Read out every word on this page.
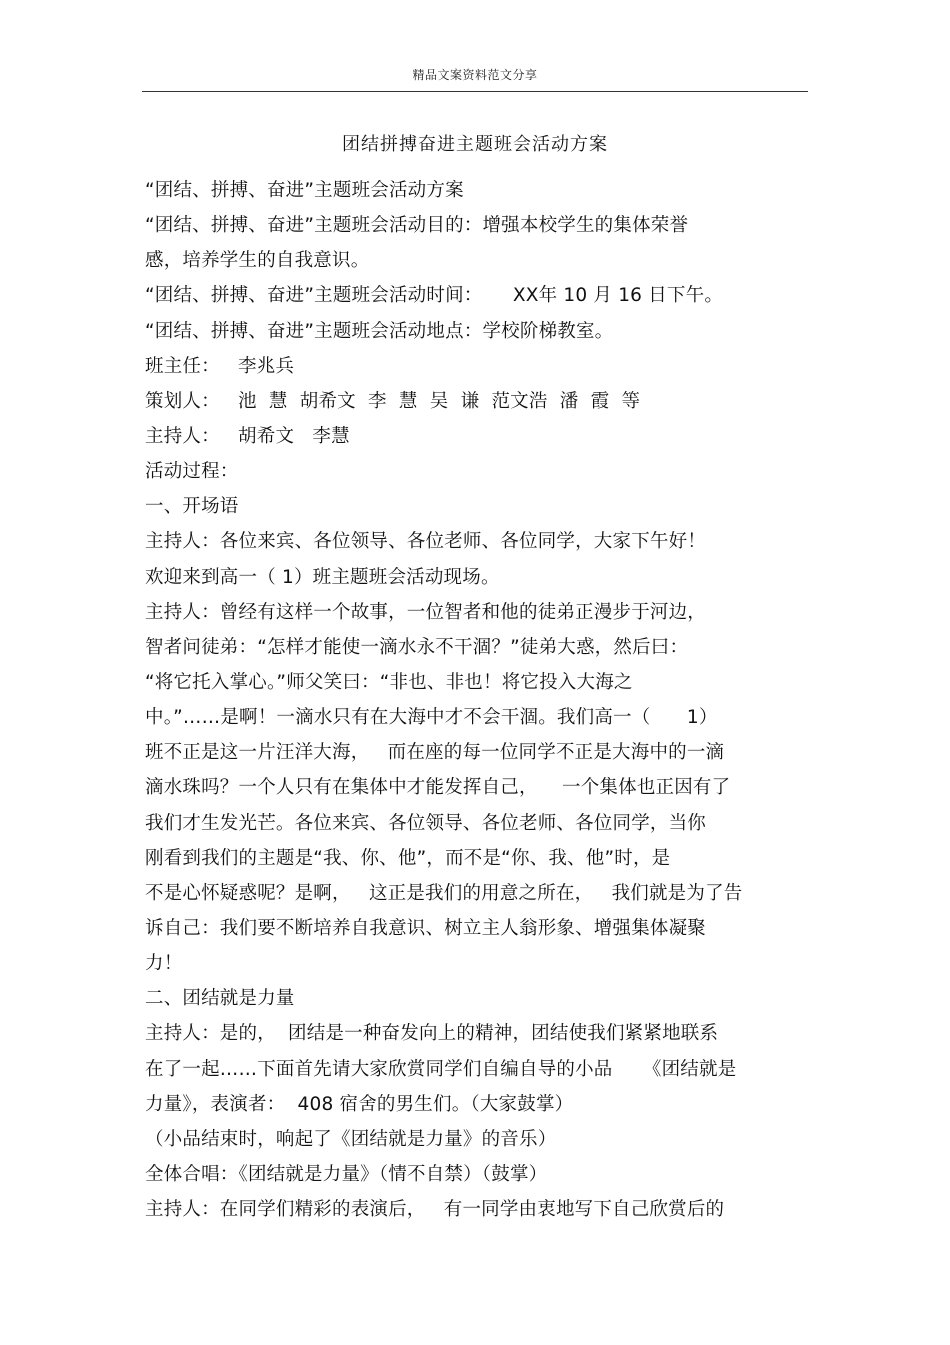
精品文案资料范文分享
团结拼搏奋进主题班会活动方案
“团结、拼搏、奋进”主题班会活动方案
“团结、拼搏、奋进”主题班会活动目的：增强本校学生的集体荣誉
感，培养学生的自我意识。
“团结、拼搏、奋进”主题班会活动时间：     XX年 10 月 16 日下午。
“团结、拼搏、奋进”主题班会活动地点：学校阶梯教室。
班主任：   李兆兵
策划人：   池  慧  胡希文  李  慧  吴  谦  范文浩  潘  霞  等
主持人：   胡希文   李慧
活动过程：
一、开场语
主持人：各位来宾、各位领导、各位老师、各位同学，大家下午好！
欢迎来到高一（ 1）班主题班会活动现场。
主持人：曾经有这样一个故事，一位智者和他的徒弟正漫步于河边，
智者问徒弟：“怎样才能使一滴水永不干涸？”徒弟大惑，然后曰：
“将它托入掌心。”师父笑曰：“非也、非也！将它投入大海之
中。”……是啊！一滴水只有在大海中才不会干涸。我们高一（      1）
班不正是这一片汪洋大海，   而在座的每一位同学不正是大海中的一滴
滴水珠吗？一个人只有在集体中才能发挥自己，    一个集体也正因有了
我们才生发光芒。各位来宾、各位领导、各位老师、各位同学，当你
刚看到我们的主题是“我、你、他”，而不是“你、我、他”时，是
不是心怀疑惑呢？是啊，   这正是我们的用意之所在，   我们就是为了告
诉自己：我们要不断培养自我意识、树立主人翁形象、增强集体凝聚
力！
二、团结就是力量
主持人：是的，  团结是一种奋发向上的精神，团结使我们紧紧地联系
在了一起……下面首先请大家欣赏同学们自编自导的小品     《团结就是
力量》，表演者：  408 宿舍的男生们。（大家鼓掌）
（小品结束时，响起了《团结就是力量》的音乐）
全体合唱：《团结就是力量》（情不自禁）（鼓掌）
主持人：在同学们精彩的表演后，   有一同学由衷地写下自己欣赏后的
